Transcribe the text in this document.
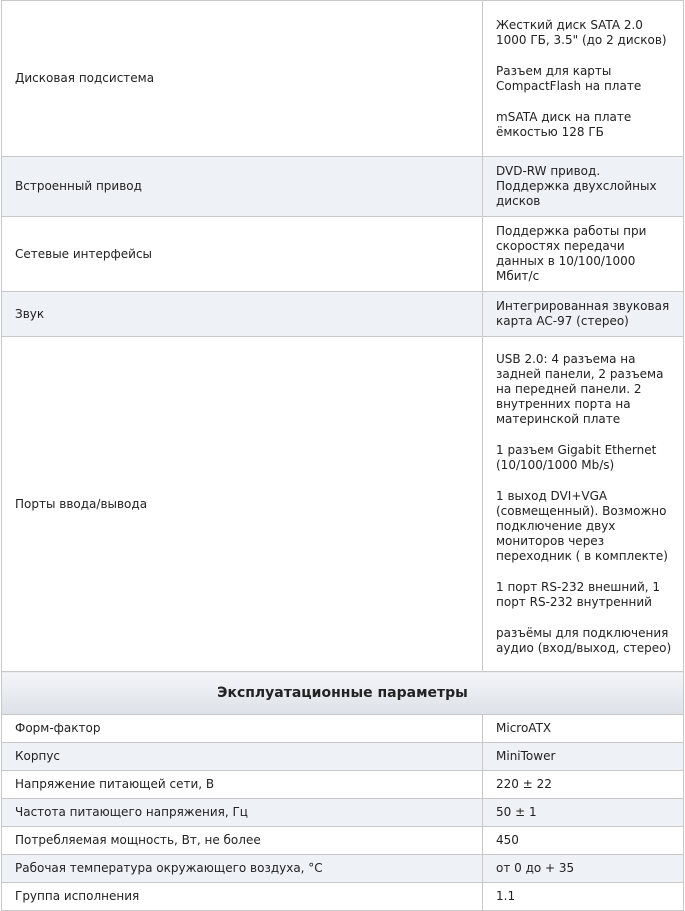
Дисковая подсистема	Жесткий диск SATA 2.0 1000 ГБ, 3.5" (до 2 дисков)
Разъем для карты CompactFlash на плате
mSATA диск на плате ёмкостью 128 ГБ

Встроенный привод	DVD-RW привод. Поддержка двухслойных дисков

Сетевые интерфейсы	Поддержка работы при скоростях передачи данных в 10/100/1000 Мбит/с

Звук	Интегрированная звуковая карта AC-97 (стерео)

Порты ввода/вывода	USB 2.0: 4 разъема на задней панели, 2 разъема на передней панели. 2 внутренних порта на материнской плате
1 разъем Gigabit Ethernet (10/100/1000 Mb/s)
1 выход DVI+VGA (совмещенный). Возможно подключение двух мониторов через переходник ( в комплекте)
1 порт RS-232 внешний, 1 порт RS-232 внутренний
разъёмы для подключения аудио (вход/выход, стерео)

Эксплуатационные параметры	
Форм-фактор	MicroATX
Корпус	MiniTower
Напряжение питающей сети, В	220 ± 22
Частота питающего напряжения, Гц	50 ± 1
Потребляемая мощность, Вт, не более	450
Рабочая температура окружающего воздуха, °С	от 0 до + 35
Группа исполнения	1.1
